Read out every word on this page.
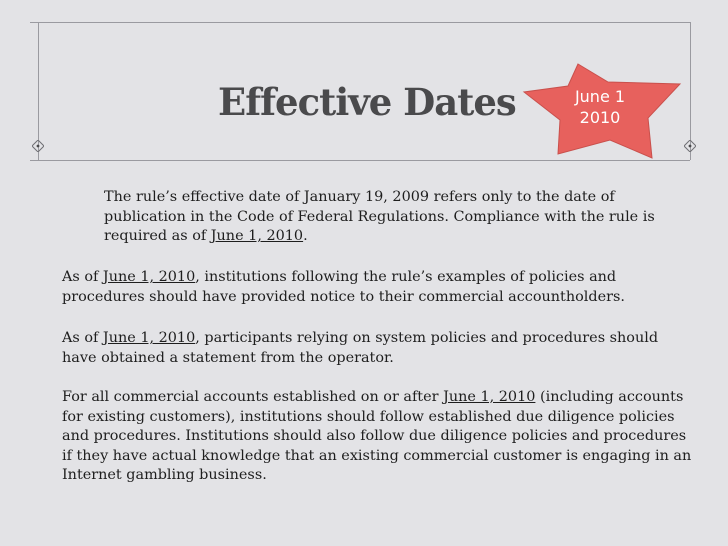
Effective Dates	June 1
2010

The rule’s effective date of January 19, 2009 refers only to the date of
publication in the Code of Federal Regulations. Compliance with the rule is
required as of June 1, 2010.

As of June 1, 2010, institutions following the rule’s examples of policies and
procedures should have provided notice to their commercial accountholders.

As of June 1, 2010, participants relying on system policies and procedures should
have obtained a statement from the operator.

For all commercial accounts established on or after June 1, 2010 (including accounts
for existing customers), institutions should follow established due diligence policies
and procedures. Institutions should also follow due diligence policies and procedures
if they have actual knowledge that an existing commercial customer is engaging in an
Internet gambling business.
